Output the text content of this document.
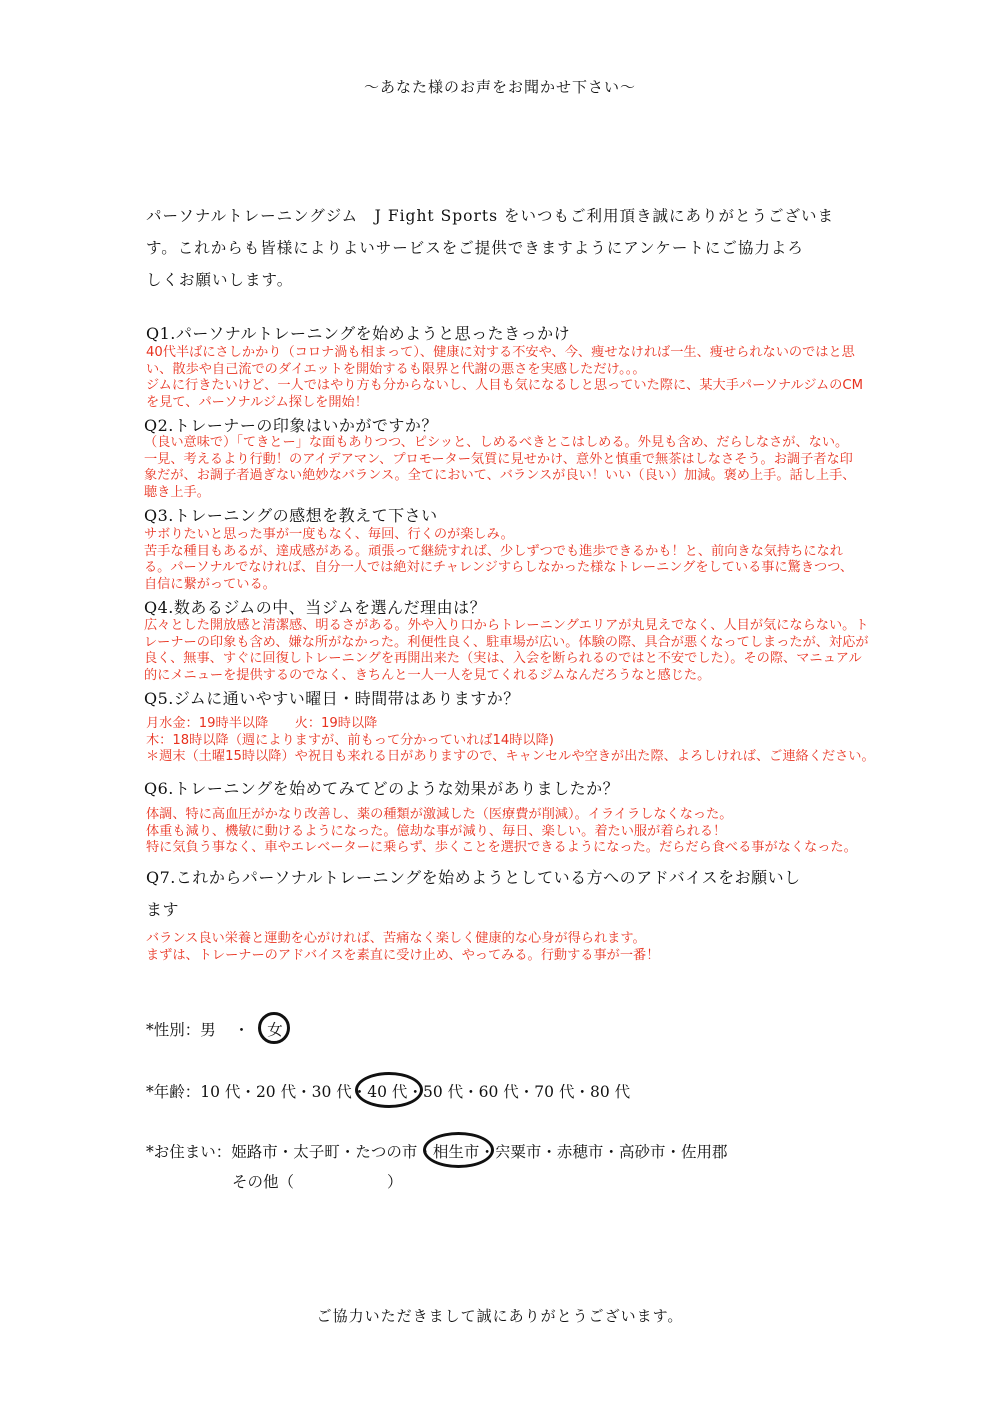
～あなた様のお声をお聞かせ下さい～
パーソナルトレーニングジム　J Fight Sports をいつもご利用頂き誠にありがとうございま
す。これからも皆様によりよいサービスをご提供できますようにアンケートにご協力よろ
しくお願いします。
Q1.パーソナルトレーニングを始めようと思ったきっかけ
40代半ばにさしかかり（コロナ渦も相まって）、健康に対する不安や、今、痩せなければ一生、痩せられないのではと思
い、散歩や自己流でのダイエットを開始するも限界と代謝の悪さを実感しただけ。。。
ジムに行きたいけど、一人ではやり方も分からないし、人目も気になるしと思っていた際に、某大手パーソナルジムのCM
を見て、パーソナルジム探しを開始！
Q2.トレーナーの印象はいかがですか？
（良い意味で）「てきとー」な面もありつつ、ピシッと、しめるべきとこはしめる。外見も含め、だらしなさが、ない。
一見、考えるより行動！のアイデアマン、プロモーター気質に見せかけ、意外と慎重で無茶はしなさそう。お調子者な印
象だが、お調子者過ぎない絶妙なバランス。全てにおいて、バランスが良い！いい（良い）加減。褒め上手。話し上手、
聴き上手。
Q3.トレーニングの感想を教えて下さい
サボりたいと思った事が一度もなく、毎回、行くのが楽しみ。
苦手な種目もあるが、達成感がある。頑張って継続すれば、少しずつでも進歩できるかも！と、前向きな気持ちになれ
る。パーソナルでなければ、自分一人では絶対にチャレンジすらしなかった様なトレーニングをしている事に驚きつつ、
自信に繋がっている。
Q4.数あるジムの中、当ジムを選んだ理由は？
広々とした開放感と清潔感、明るさがある。外や入り口からトレーニングエリアが丸見えでなく、人目が気にならない。ト
レーナーの印象も含め、嫌な所がなかった。利便性良く、駐車場が広い。体験の際、具合が悪くなってしまったが、対応が
良く、無事、すぐに回復しトレーニングを再開出来た（実は、入会を断られるのではと不安でした）。その際、マニュアル
的にメニューを提供するのでなく、きちんと一人一人を見てくれるジムなんだろうなと感じた。
Q5.ジムに通いやすい曜日・時間帯はありますか？
月水金：19時半以降　　火：19時以降
木：18時以降（週によりますが、前もって分かっていれば14時以降)
＊週末（土曜15時以降）や祝日も来れる日がありますので、キャンセルや空きが出た際、よろしければ、ご連絡ください。
Q6.トレーニングを始めてみてどのような効果がありましたか？
体調、特に高血圧がかなり改善し、薬の種類が激減した（医療費が削減）。イライラしなくなった。
体重も減り、機敏に動けるようになった。億劫な事が減り、毎日、楽しい。着たい服が着られる！
特に気負う事なく、車やエレベーターに乗らず、歩くことを選択できるようになった。だらだら食べる事がなくなった。
Q7.これからパーソナルトレーニングを始めようとしている方へのアドバイスをお願いし
ます
バランス良い栄養と運動を心がければ、苦痛なく楽しく健康的な心身が得られます。
まずは、トレーナーのアドバイスを素直に受け止め、やってみる。行動する事が一番！
*性別：男 ・ 女
*年齢：10 代・20 代・30 代・40 代
・50 代・60 代・70 代・80 代
*お住まい：姫路市・太子町・たつの市・相生市
・宍粟市・赤穂市・高砂市・佐用郡
その他（　　　　　　）
ご協力いただきまして誠にありがとうございます。
